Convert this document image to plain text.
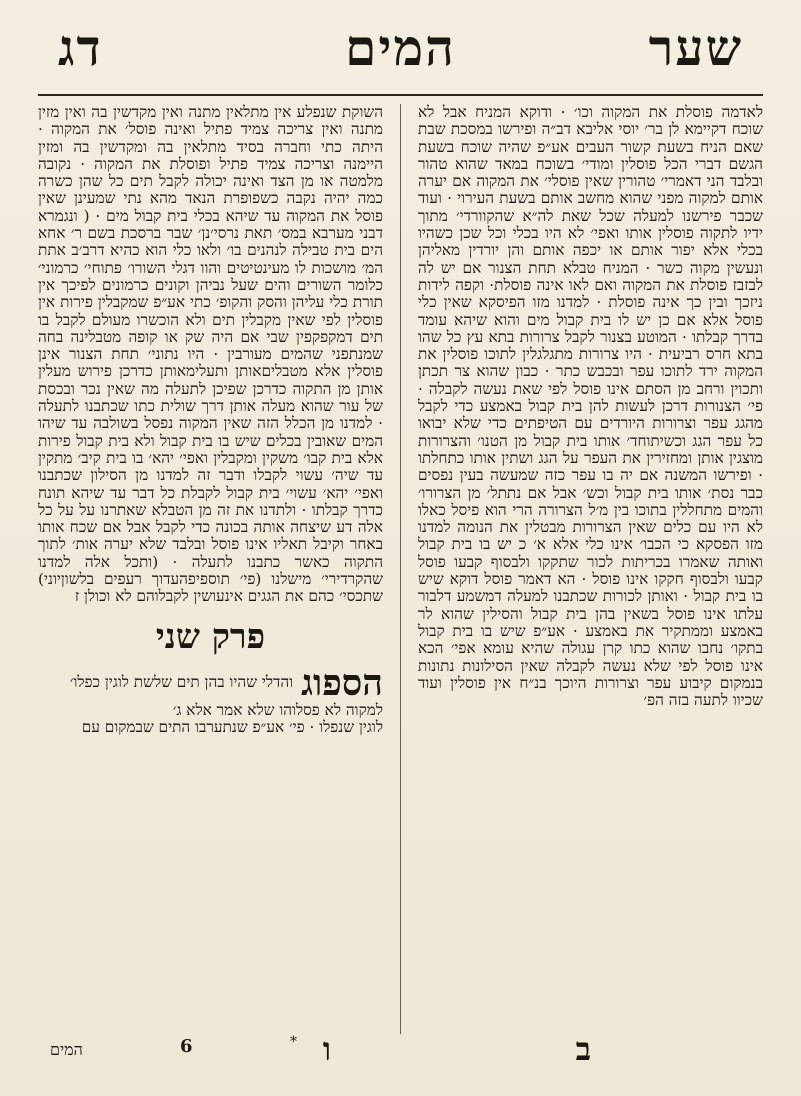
שער
המים
דג

לאדמה פוסלת את המקוה וכו׳ · ודוקא המניח אבל לא שוכח דקיימא לן בר׳ יוסי אליבא דב״ה ופירשו במסכת שבת שאם הניח בשעת קשור העבים אע״פ שהיה שוכח בשעת הגשם דברי הכל פוסלין ומודי׳ בשוכח במאד שהוא טהור ובלבד הני דאמרי׳ טהורין שאין פוסלי׳ את המקוה אם יערה אותם למקוה מפני שהוא מחשב אותם בשעת העירוי · ועוד שכבר פירשנו למעלה שכל שאת לה״א שהקוורדי׳ מתוך ידיו לתקוה פוסלין אותו ואפי׳ לא היו בכלי וכל שכן כשהיו בכלי אלא יפור אותם או יכפה אותם והן יורדין מאליהן ונעשין מקוה כשר · המניח טבלא תחת הצנור אם יש לה לבזבז פוסלת את המקוה ואם לאו אינה פוסלת· וקפה לידות ניזכך ובין כך אינה פוסלת · למדנו מזו הפיסקא שאין כלי פוסל אלא אם כן יש לו בית קבול מים והוא שיהא עומד בדרך קבלתו · המוטע בצנור לקבל צרורות בתא עץ כל שהו בתא חרס רביעית · היו צרורות מתגלגלין לתוכו פוסלין את המקוה ירד לתוכו עפר ובכבש כתר · כבון שהוא צר תכתן ותכוין ורחב מן הסתם אינו פוסל לפי שאת נעשה לקבלה · פי׳ הצנורות דרכן לעשות להן בית קבול באמצע כדי לקבל מהגג עפר וצרורות היורדים עם הטיפתים כדי שלא יבואו כל עפר הגג וכשיתוחד׳ אותו בית קבול מן הטנו׳ והצרורות מוצגין אותן ומחזירין את העפר על הגג ושתין אותו כתחלתו · ופירשו המשנה אם יה בו עפר כזה שמעשה בעין נפסים כבר נסת׳ אותו בית קבול וכש׳ אבל אם נתתל׳ מן הצרורו׳ והמים מתחללין בתוכו בין מ׳ל הצרורה הרי הוא פיסל כאלו לא היו עם כלים שאין הצרורות מבטלין את הנומה למדנו מזו הפסקא כי הכבו׳ אינו כלי אלא א׳ כ יש בו בית קבול ואותה שאמרו בכריתות לכור שתקקו ולבסוף קבעו פוסל קבעו ולבסוף חקקו אינו פוסל · הא דאמר פוסל דוקא שיש בו בית קבול · ואותן לכורות שכתבנו למעלה דמשמע דלבור עלתו אינו פוסל בשאין בהן בית קבול והסילין שהוא לר באמצע וממתקיר את באמצע · אע״פ שיש בו בית קבול בתקו׳ נחבו שהוא כתו קרן עגולה שהיא עומא אפי׳ הכא אינו פוסל לפי שלא נעשה לקבלה שאין הסילונות נתונות בנמקום קיבוע עפר וצרורות היוכך בנ״ח אין פוסלין ועוד שכיוו לתעה בזה הפ׳

השוקת שנפלע אין מתלאין מתנה ואין מקדשין בה ואין מזין מתנה ואין צריכה צמיד פתיל ואינה פוסל׳ את המקוה · היתה כתי וחברה בסיד מתלאין בה ומקדשין בה ומזין היימנה וצריכה צמיד פתיל ופוסלת את המקוה · נקובה מלמטה או מן הצד ואינה יכולה לקבל תים כל שהן כשרה כמה יהיה נקבה כשפופרת הנאד מהא נתי שמעינן שאין פוסל את המקוה עד שיהא בכלי בית קבול מים · ( ונגמרא דבני מערבא במס׳ תאת נרסי׳נן׳ שבר ברסכת בשם ר׳ אחא הים בית טבילה לנהנים בו׳ ולאו כלי הוא כהיא דרב׳ב אתת המ׳ מושכות לו מעינטיטים והוו דגלי השורו׳ פתוחי׳ כרמוני׳ כלומר השורים והים שעל נביהן וקונים כרמונים לפיכך אין תורת כלי עליהן והסק והקופ׳ כתי אע״פ שמקבלין פירות אין פוסלין לפי שאין מקבלין תים ולא הוכשרו מעולם לקבל בו תים דמקפקפין שבי אם היה שק או קופה מטבלינה בחה שמנתפני שהמים מעורבין · היו נתוני׳ תחת הצנור אינן פוסלין אלא מטבליםאותן ותעלימאותן כדרכן פירוש מעלין אותן מן התקוה כדרכן שפיכן לתעלה מה שאין נכר ובכסת של עור שהוא מעלה אותן דרך שולית כתו שכתבנו לתעלה · למדנו מן הכלל הזה שאין המקוה נפסל בשולבה עד שיהו המים שאובין בכלים שיש בו בית קבול ולא בית קבול פירות אלא בית קבו׳ משקין ומקבלין ואפי׳ יהא׳ בו בית קיב׳ מתקין עד שיה׳ עשוי לקבלו ודבר זה למדנו מן הסילון שכתבנו ואפי׳ יהא׳ עשוי׳ בית קבול לקבלת כל דבר עד שיהא תונח כדרך קבלתו · ולתדנו את זה מן הטבלא שאתרנו על על כל אלה דע שיצחה אותה בכונה כדי לקבל אבל אם שכח אותו באחר וקיבל תאליו אינו פוסל ובלבד שלא יערה אות׳ לתוך התקוה כאשר כתבנו לתעלה · (ותכל אלה למדנו שהקרדירי׳ מישלנו (פי׳ תוספיפהעדוך רעפים בלשוןיוני) שתכסי׳ כהם את הגגים אינעושין לקבלוהם לא וכולן ז

פרק שני
הספוגוהדלי שהיו בהן תים שלשת לוגין כפלו׳
למקוה לא פסלוהו שלא אמר אלא ג׳
לוגין שנפלו · פי׳ אע״פ שנתערבו התים שבמקום עם
המים	6	*	ב
ו
